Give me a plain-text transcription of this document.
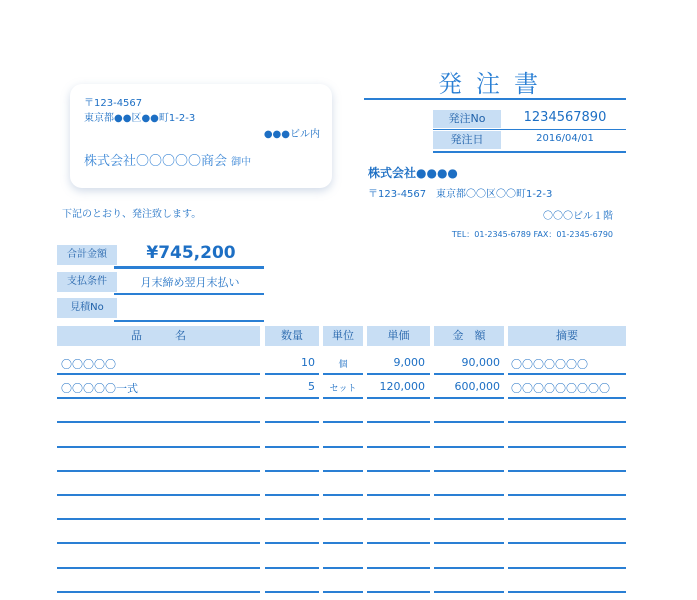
〒123-4567
東京都●●区●●町1-2-3
●●●ビル内
株式会社〇〇〇〇〇商会 御中
発注書
発注No	1234567890
発注日	2016/04/01
株式会社●●●●
〒123-4567 東京都〇〇区〇〇町1-2-3
〇〇〇ビル１階
TEL：01-2345-6789 FAX：01-2345-6790
下記のとおり、発注致します。
合計金額	¥745,200
支払条件	月末締め翌月末払い
見積No
品　　　名	数量	単位	単価	金　額	摘要
〇〇〇〇〇	10	個	9,000	90,000 〇〇〇〇〇〇〇
〇〇〇〇〇一式	5	セット	120,000	600,000 〇〇〇〇〇〇〇〇〇
